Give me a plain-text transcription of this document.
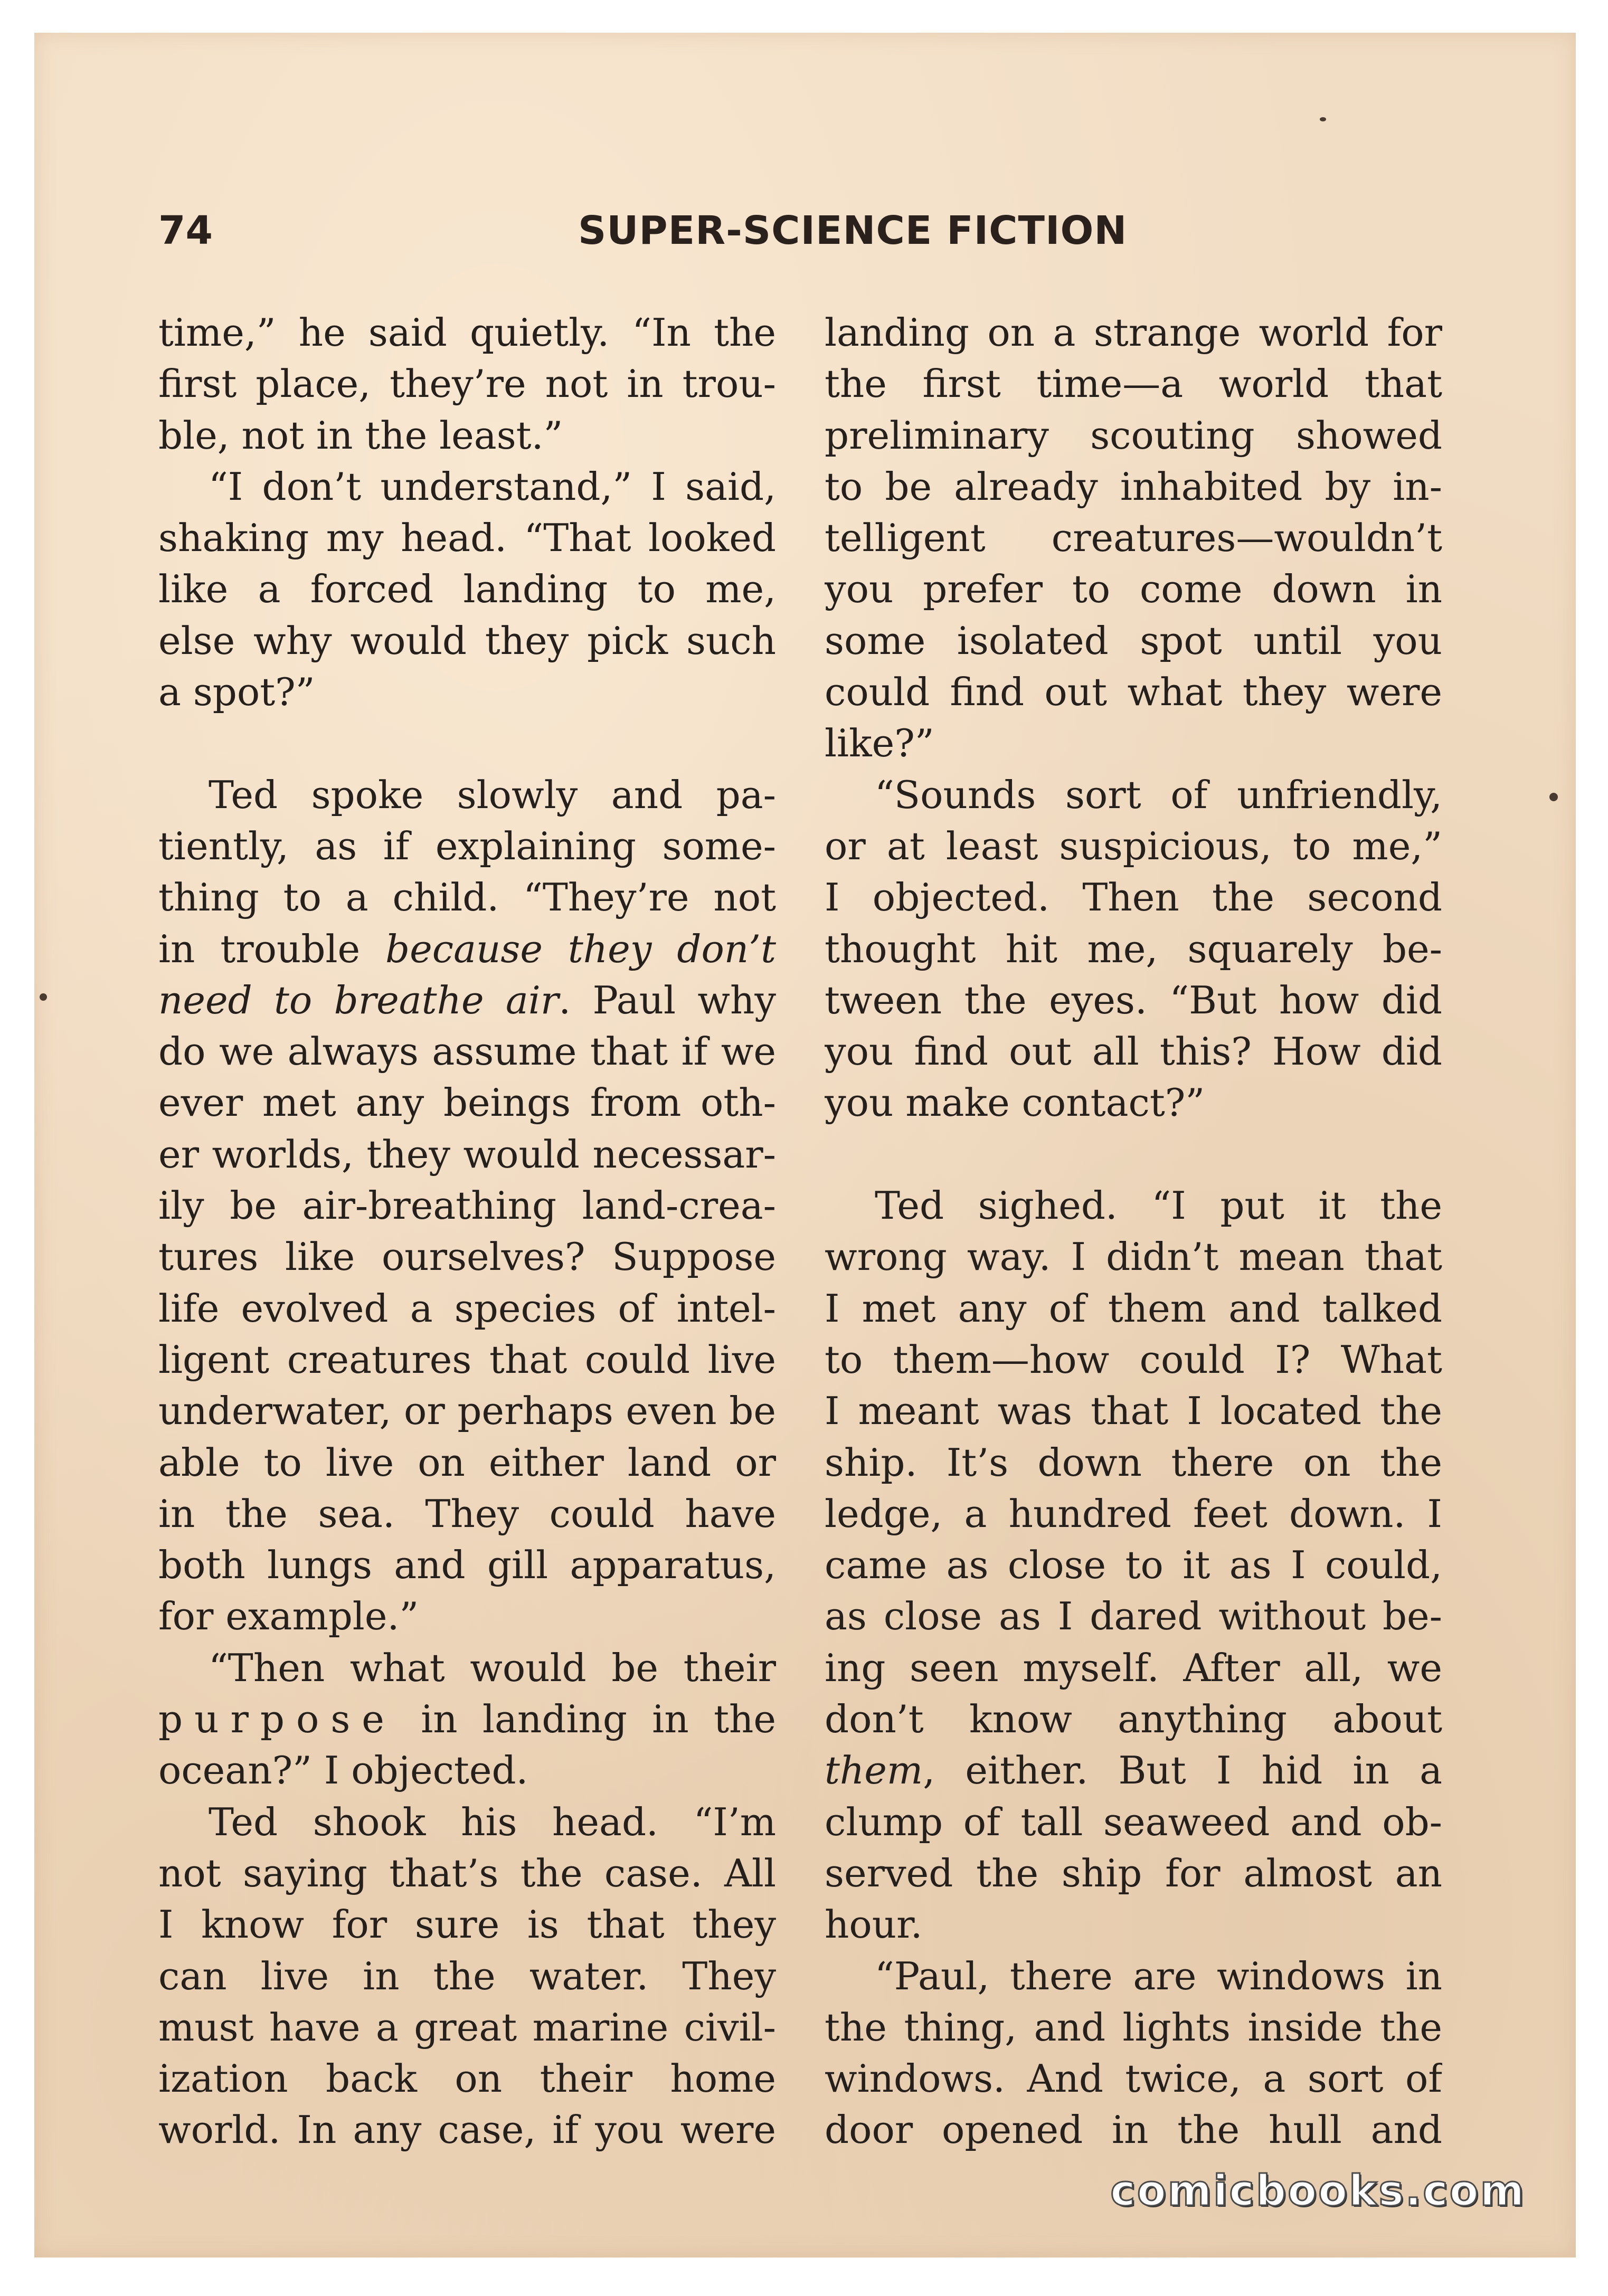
74	SUPER-SCIENCE FICTION
time,” he said quietly. “In the
first place, they’re not in trou-
ble, not in the least.”
“I don’t understand,” I said,
shaking my head. “That looked
like a forced landing to me,
else why would they pick such
a spot?”
Ted spoke slowly and pa-
tiently, as if explaining some-
thing to a child. “They’re not
in trouble because they don’t
need to breathe air. Paul why
do we always assume that if we
ever met any beings from oth-
er worlds, they would necessar-
ily be air-breathing land-crea-
tures like ourselves? Suppose
life evolved a species of intel-
ligent creatures that could live
underwater, or perhaps even be
able to live on either land or
in the sea. They could have
both lungs and gill apparatus,
for example.”
“Then what would be their
purpose in landing in the
ocean?” I objected.
Ted shook his head. “I’m
not saying that’s the case. All
I know for sure is that they
can live in the water. They
must have a great marine civil-
ization back on their home
world. In any case, if you were
landing on a strange world for
the first time—a world that
preliminary scouting showed
to be already inhabited by in-
telligent creatures—wouldn’t
you prefer to come down in
some isolated spot until you
could find out what they were
like?”
“Sounds sort of unfriendly,
or at least suspicious, to me,”
I objected. Then the second
thought hit me, squarely be-
tween the eyes. “But how did
you find out all this? How did
you make contact?”
Ted sighed. “I put it the
wrong way. I didn’t mean that
I met any of them and talked
to them—how could I? What
I meant was that I located the
ship. It’s down there on the
ledge, a hundred feet down. I
came as close to it as I could,
as close as I dared without be-
ing seen myself. After all, we
don’t know anything about
them, either. But I hid in a
clump of tall seaweed and ob-
served the ship for almost an
hour.
“Paul, there are windows in
the thing, and lights inside the
windows. And twice, a sort of
door opened in the hull and
comicbooks.com
